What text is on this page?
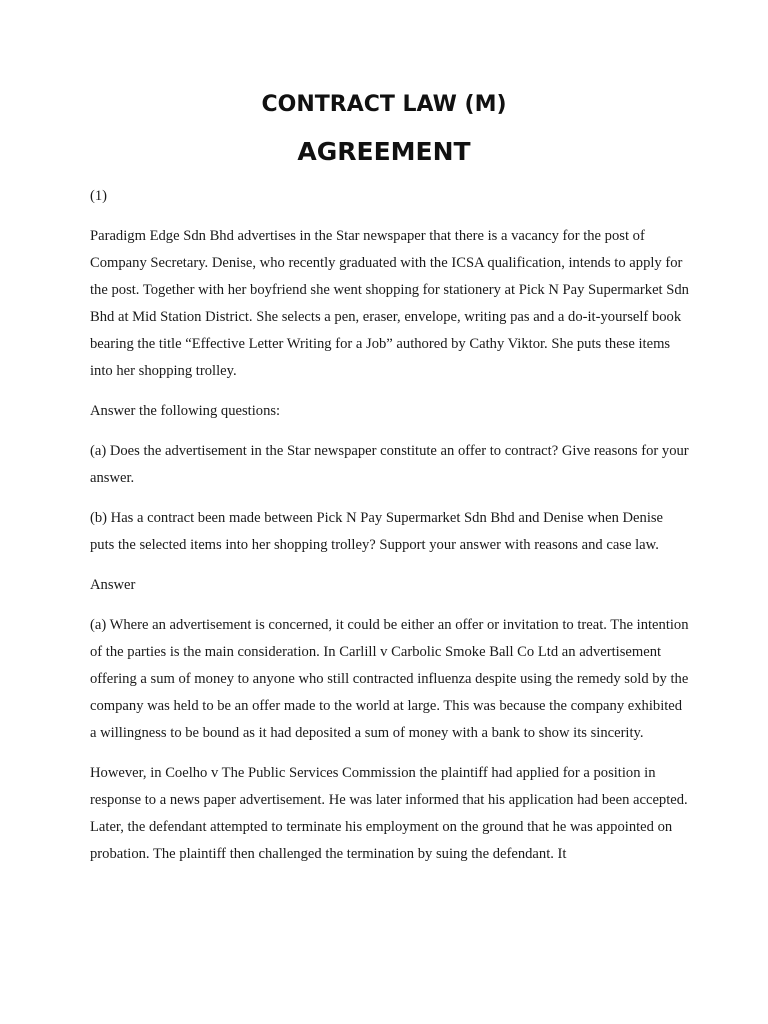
CONTRACT LAW (M)
AGREEMENT

(1)

Paradigm Edge Sdn Bhd advertises in the Star newspaper that there is a vacancy for the post of Company Secretary. Denise, who recently graduated with the ICSA qualification, intends to apply for the post. Together with her boyfriend she went shopping for stationery at Pick N Pay Supermarket Sdn Bhd at Mid Station District. She selects a pen, eraser, envelope, writing pas and a do-it-yourself book bearing the title “Effective Letter Writing for a Job” authored by Cathy Viktor. She puts these items into her shopping trolley.

Answer the following questions:

(a) Does the advertisement in the Star newspaper constitute an offer to contract? Give reasons for your answer.

(b) Has a contract been made between Pick N Pay Supermarket Sdn Bhd and Denise when Denise puts the selected items into her shopping trolley? Support your answer with reasons and case law.

Answer

(a) Where an advertisement is concerned, it could be either an offer or invitation to treat. The intention of the parties is the main consideration. In Carlill v Carbolic Smoke Ball Co Ltd an advertisement offering a sum of money to anyone who still contracted influenza despite using the remedy sold by the company was held to be an offer made to the world at large. This was because the company exhibited a willingness to be bound as it had deposited a sum of money with a bank to show its sincerity.

However, in Coelho v The Public Services Commission the plaintiff had applied for a position in response to a news paper advertisement. He was later informed that his application had been accepted. Later, the defendant attempted to terminate his employment on the ground that he was appointed on probation. The plaintiff then challenged the termination by suing the defendant. It
